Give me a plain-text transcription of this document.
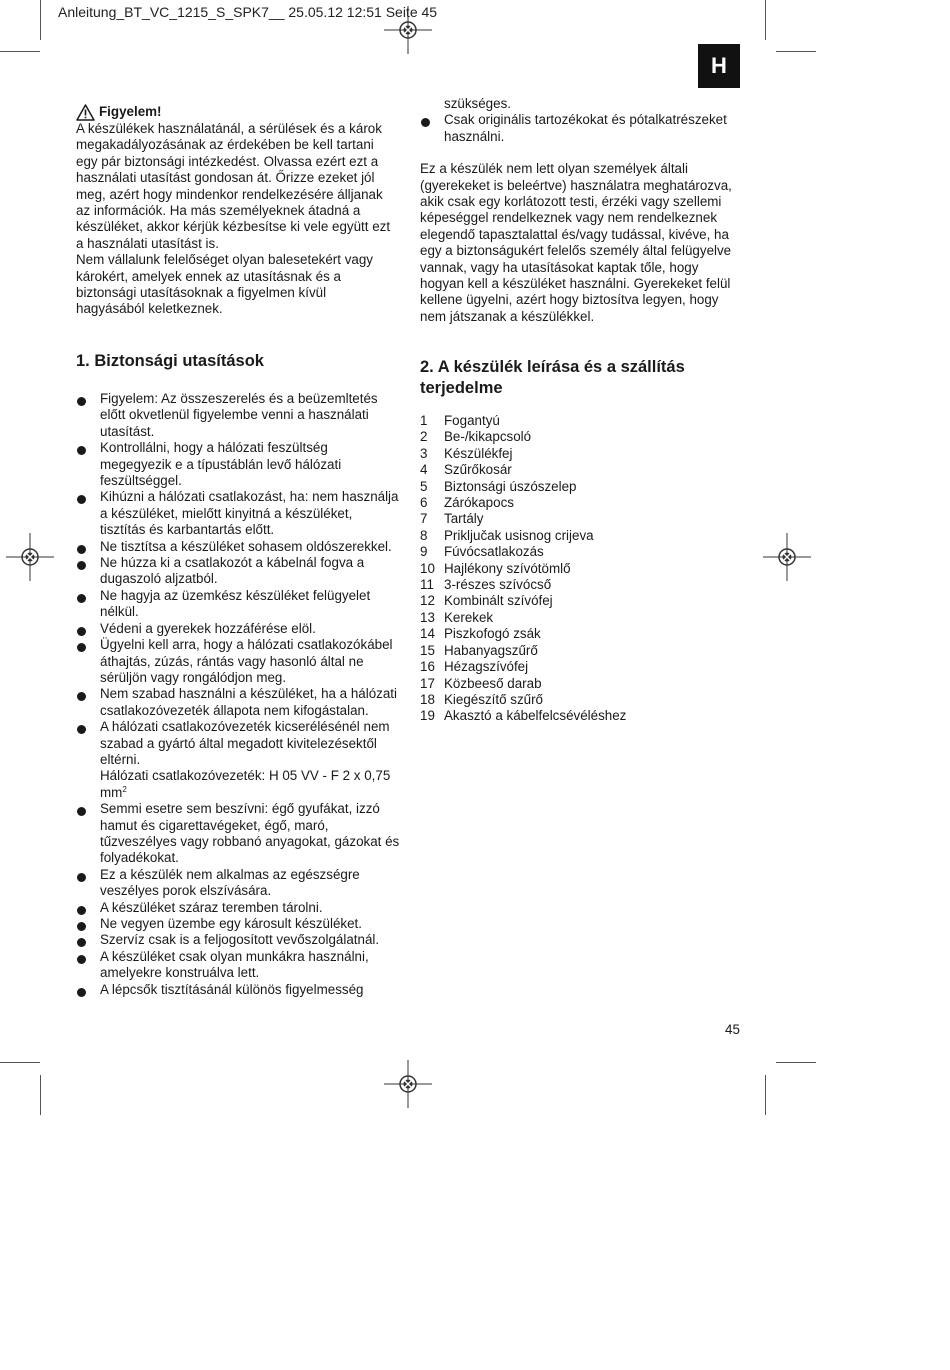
Anleitung_BT_VC_1215_S_SPK7__ 25.05.12 12:51 Seite 45
H
Figyelem!

A készülékek használatánál, a sérülések és a károk megakadályozásának az érdekében be kell tartani egy pár biztonsági intézkedést. Olvassa ezért ezt a használati utasítást gondosan át. Őrizze ezeket jól meg, azért hogy mindenkor rendelkezésére álljanak az információk. Ha más személyeknek átadná a készüléket, akkor kérjük kézbesítse ki vele együtt ezt a használati utasítást is.

Nem vállalunk felelőséget olyan balesetekért vagy károkért, amelyek ennek az utasításnak és a biztonsági utasításoknak a figyelmen kívül hagyásából keletkeznek.

1. Biztonsági utasítások
Figyelem: Az összeszerelés és a beüzemltetés előtt okvetlenül figyelembe venni a használati utasítást.
Kontrollálni, hogy a hálózati feszültség megegyezik e a típustáblán levő hálózati feszültséggel.
Kihúzni a hálózati csatlakozást, ha: nem használja a készüléket, mielőtt kinyitná a készüléket, tisztítás és karbantartás előtt.
Ne tisztítsa a készüléket sohasem oldószerekkel.
Ne húzza ki a csatlakozót a kábelnál fogva a dugaszoló aljzatból.
Ne hagyja az üzemkész készüléket felügyelet nélkül.
Védeni a gyerekek hozzáférése elöl.
Ügyelni kell arra, hogy a hálózati csatlakozókábel áthajtás, zúzás, rántás vagy hasonló által ne sérüljön vagy rongálódjon meg.
Nem szabad használni a készüléket, ha a hálózati csatlakozóvezeték állapota nem kifogástalan.
A hálózati csatlakozóvezeték kicserélésénél nem szabad a gyártó által megadott kivitelezésektől eltérni.
Hálózati csatlakozóvezeték: H 05 VV - F 2 x 0,75 $mm^2$
Semmi esetre sem beszívni: égő gyufákat, izzó hamut és cigarettavégeket, égő, maró, tűzveszélyes vagy robbanó anyagokat, gázokat és folyadékokat.
Ez a készülék nem alkalmas az egészségre veszélyes porok elszívására.
A készüléket száraz teremben tárolni.
Ne vegyen üzembe egy károsult készüléket.
Szervíz csak is a feljogosított vevőszolgálatnál.
A készüléket csak olyan munkákra használni, amelyekre konstruálva lett.
A lépcsők tisztításánál különös figyelmesség

szükséges.

Csak originális tartozékokat és pótalkatrészeket használni.

Ez a készülék nem lett olyan személyek általi (gyerekeket is beleértve) használatra meghatározva, akik csak egy korlátozott testi, érzéki vagy szellemi képeséggel rendelkeznek vagy nem rendelkeznek elegendő tapasztalattal és/vagy tudással, kivéve, ha egy a biztonságukért felelős személy által felügyelve vannak, vagy ha utasításokat kaptak tőle, hogy hogyan kell a készüléket használni. Gyerekeket felül kellene ügyelni, azért hogy biztosítva legyen, hogy nem játszanak a készülékkel.

2. A készülék leírása és a szállítás terjedelme
1	Fogantyú
2	Be-/kikapcsoló
3	Készülékfej
4	Szűrőkosár
5	Biztonsági úszószelep
6	Zárókapocs
7	Tartály
8	Priključak usisnog crijeva
9	Fúvócsatlakozás
10 Hajlékony szívótömlő
11 3-részes szívócső
12 Kombinált szívófej
13 Kerekek
14 Piszkofogó zsák
15 Habanyagszűrő
16 Hézagszívófej
17 Közbeeső darab
18 Kiegészítő szűrő
19 Akasztó a kábelfelcsévéléshez
45
